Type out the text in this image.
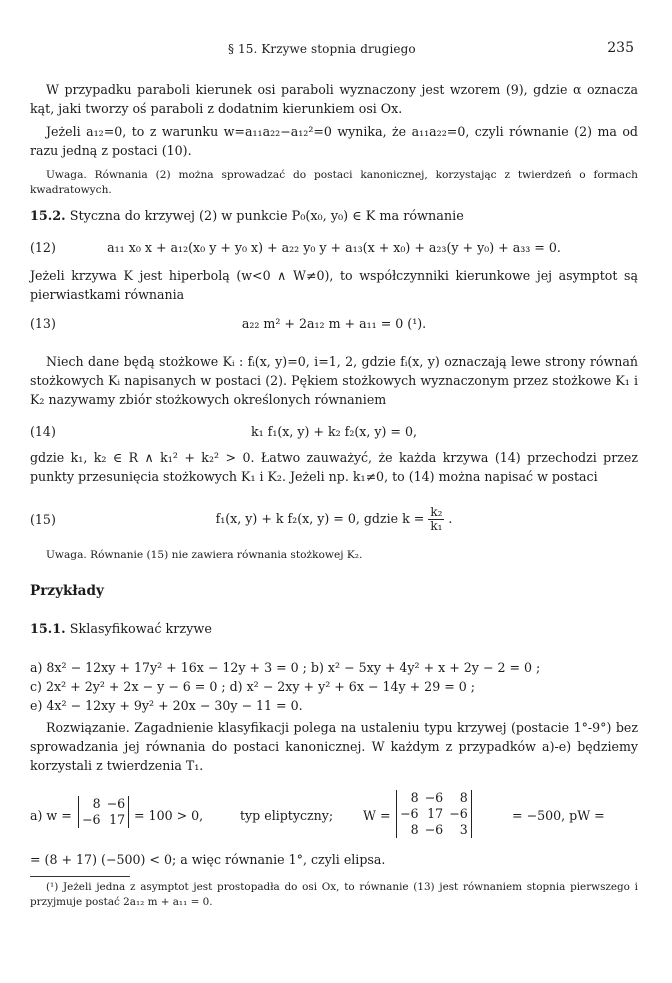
§ 15. Krzywe stopnia drugiego	235
W przypadku paraboli kierunek osi paraboli wyznaczony jest wzorem (9), gdzie α oznacza kąt, jaki tworzy oś paraboli z dodatnim kierunkiem osi Ox.
Jeżeli a₁₂=0, to z warunku w=a₁₁a₂₂−a₁₂²=0 wynika, że a₁₁a₂₂=0, czyli równanie (2) ma od razu jedną z postaci (10).
Uwaga. Równania (2) można sprowadzać do postaci kanonicznej, korzystając z twierdzeń o formach kwadratowych.
15.2. Styczna do krzywej (2) w punkcie P₀(x₀, y₀) ∈ K ma równanie
(12)	a₁₁ x₀ x + a₁₂(x₀ y + y₀ x) + a₂₂ y₀ y + a₁₃(x + x₀) + a₂₃(y + y₀) + a₃₃ = 0.
Jeżeli krzywa K jest hiperbolą (w<0 ∧ W≠0), to współczynniki kierunkowe jej asymptot są pierwiastkami równania
(13)	a₂₂ m² + 2a₁₂ m + a₁₁ = 0 (¹).
Niech dane będą stożkowe Kᵢ : fᵢ(x, y)=0, i=1, 2, gdzie fᵢ(x, y) oznaczają lewe strony równań stożkowych Kᵢ napisanych w postaci (2). Pękiem stożkowych wyznaczonym przez stożkowe K₁ i K₂ nazywamy zbiór stożkowych określonych równaniem
(14)	k₁ f₁(x, y) + k₂ f₂(x, y) = 0,
gdzie k₁, k₂ ∈ R ∧ k₁² + k₂² > 0. Łatwo zauważyć, że każda krzywa (14) przechodzi przez punkty przesunięcia stożkowych K₁ i K₂. Jeżeli np. k₁≠0, to (14) można napisać w postaci
(15)	f₁(x, y) + k f₂(x, y) = 0, gdzie $k = \frac{\text{k₂}}{\text{k₁}}$ .
Uwaga. Równanie (15) nie zawiera równania stożkowej K₂.
Przykłady
15.1. Sklasyfikować krzywe
a) 8x² − 12xy + 17y² + 16x − 12y + 3 = 0 ; b) x² − 5xy + 4y² + x + 2y − 2 = 0 ;
c) 2x² + 2y² + 2x − y − 6 = 0 ; d) x² − 2xy + y² + 6x − 14y + 29 = 0 ;
e) 4x² − 12xy + 9y² + 20x − 30y − 11 = 0.
Rozwiązanie. Zagadnienie klasyfikacji polega na ustaleniu typu krzywej (postacie 1°-9°) bez sprowadzania jej równania do postaci kanonicznej. W każdym z przypadków a)-e) będziemy korzystali z twierdzenia T₁.
a) w =
8	−6
−6	17 = 100 > 0,	typ eliptyczny; W =
8	−6	8
−6	17	−6
8	−6	3
= −500, pW =
= (8 + 17) (−500) < 0; a więc równanie 1°, czyli elipsa.
(¹) Jeżeli jedna z asymptot jest prostopadła do osi Ox, to równanie (13) jest równaniem stopnia pierwszego i przyjmuje postać 2a₁₂ m + a₁₁ = 0.
